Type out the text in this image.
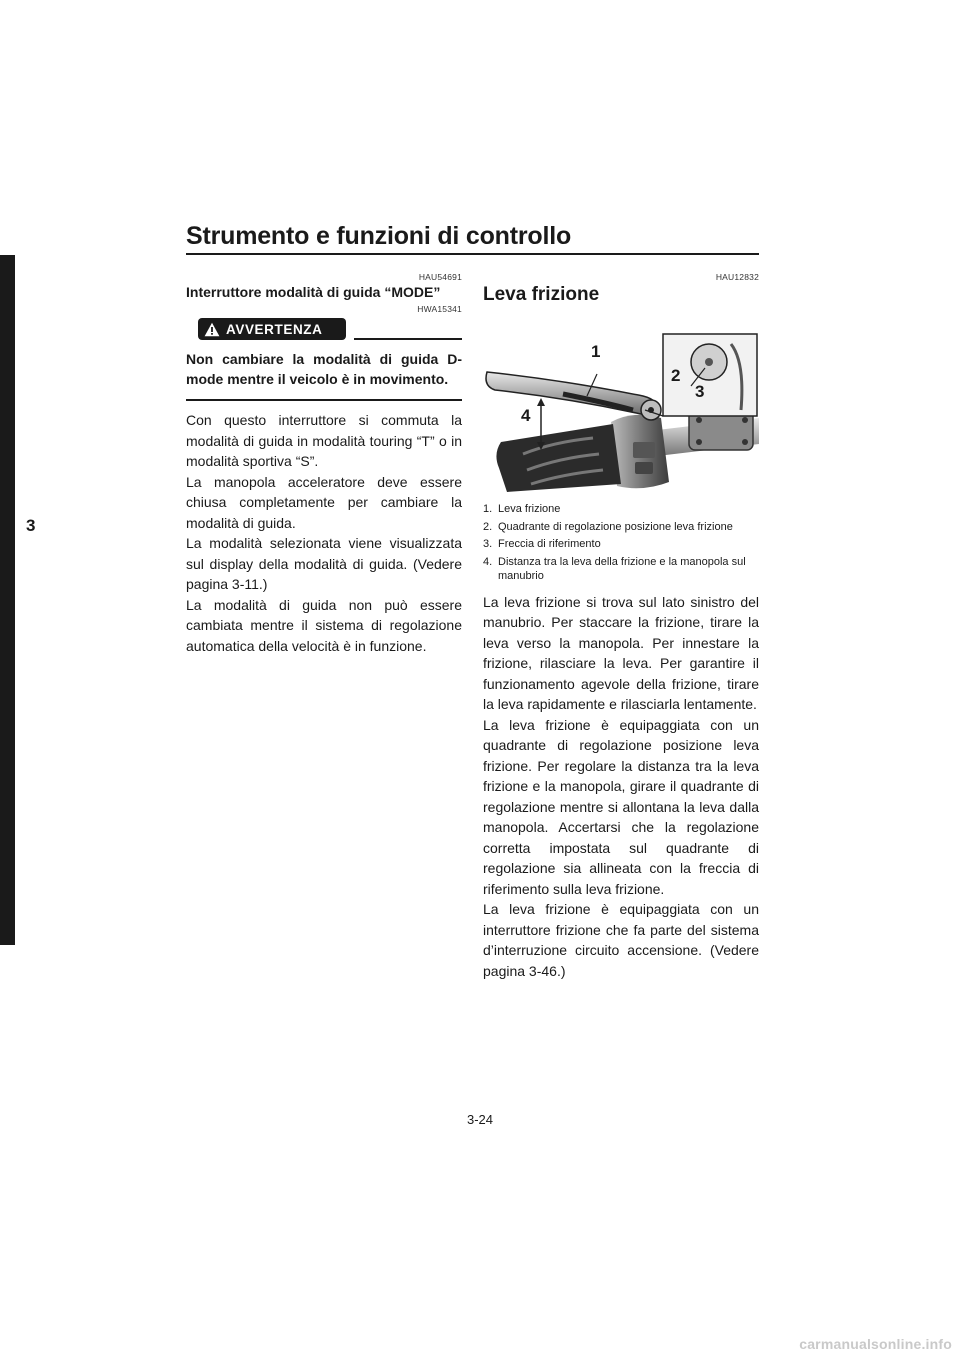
Strumento e funzioni di controllo
3
HAU54691
Interruttore modalità di guida “MODE”
HWA15341
AVVERTENZA
Non cambiare la modalità di guida D-mode mentre il veicolo è in movimento.

Con questo interruttore si commuta la modalità di guida in modalità touring “T” o in modalità sportiva “S”.

La manopola acceleratore deve essere chiusa completamente per cambiare la modalità di guida.

La modalità selezionata viene visualizzata sul display della modalità di guida. (Vedere pagina 3-11.)

La modalità di guida non può essere cambiata mentre il sistema di regolazione automatica della velocità è in funzione.

HAU12832
Leva frizione
1
2
3
4
1. Leva frizione
2. Quadrante di regolazione posizione leva frizione
3. Freccia di riferimento
4. Distanza tra la leva della frizione e la manopola sul manubrio

La leva frizione si trova sul lato sinistro del manubrio. Per staccare la frizione, tirare la leva verso la manopola. Per innestare la frizione, rilasciare la leva. Per garantire il funzionamento agevole della frizione, tirare la leva rapidamente e rilasciarla lentamente.

La leva frizione è equipaggiata con un quadrante di regolazione posizione leva frizione. Per regolare la distanza tra la leva frizione e la manopola, girare il quadrante di regolazione mentre si allontana la leva dalla manopola. Accertarsi che la regolazione corretta impostata sul quadrante di regolazione sia allineata con la freccia di riferimento sulla leva frizione.

La leva frizione è equipaggiata con un interruttore frizione che fa parte del sistema d’interruzione circuito accensione. (Vedere pagina 3-46.)

3-24
carmanualsonline.info
